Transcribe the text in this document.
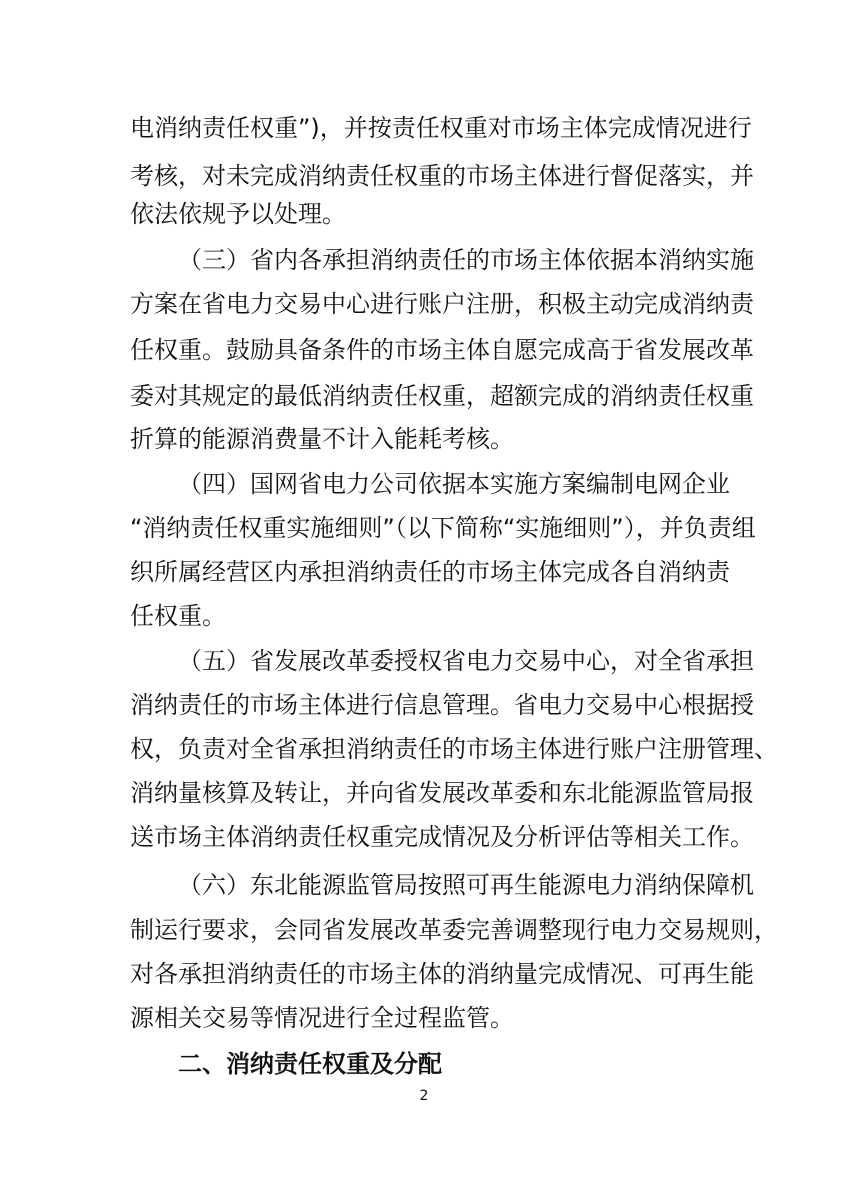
电消纳责任权重”)，并按责任权重对市场主体完成情况进行
考核，对未完成消纳责任权重的市场主体进行督促落实，并
依法依规予以处理。
（三）省内各承担消纳责任的市场主体依据本消纳实施
方案在省电力交易中心进行账户注册，积极主动完成消纳责
任权重。鼓励具备条件的市场主体自愿完成高于省发展改革
委对其规定的最低消纳责任权重，超额完成的消纳责任权重
折算的能源消费量不计入能耗考核。
（四）国网省电力公司依据本实施方案编制电网企业
“消纳责任权重实施细则”（以下简称“实施细则”），并负责组
织所属经营区内承担消纳责任的市场主体完成各自消纳责
任权重。
（五）省发展改革委授权省电力交易中心，对全省承担
消纳责任的市场主体进行信息管理。省电力交易中心根据授
权，负责对全省承担消纳责任的市场主体进行账户注册管理、
消纳量核算及转让，并向省发展改革委和东北能源监管局报
送市场主体消纳责任权重完成情况及分析评估等相关工作。
（六）东北能源监管局按照可再生能源电力消纳保障机
制运行要求，会同省发展改革委完善调整现行电力交易规则，
对各承担消纳责任的市场主体的消纳量完成情况、可再生能
源相关交易等情况进行全过程监管。
二、消纳责任权重及分配
2
